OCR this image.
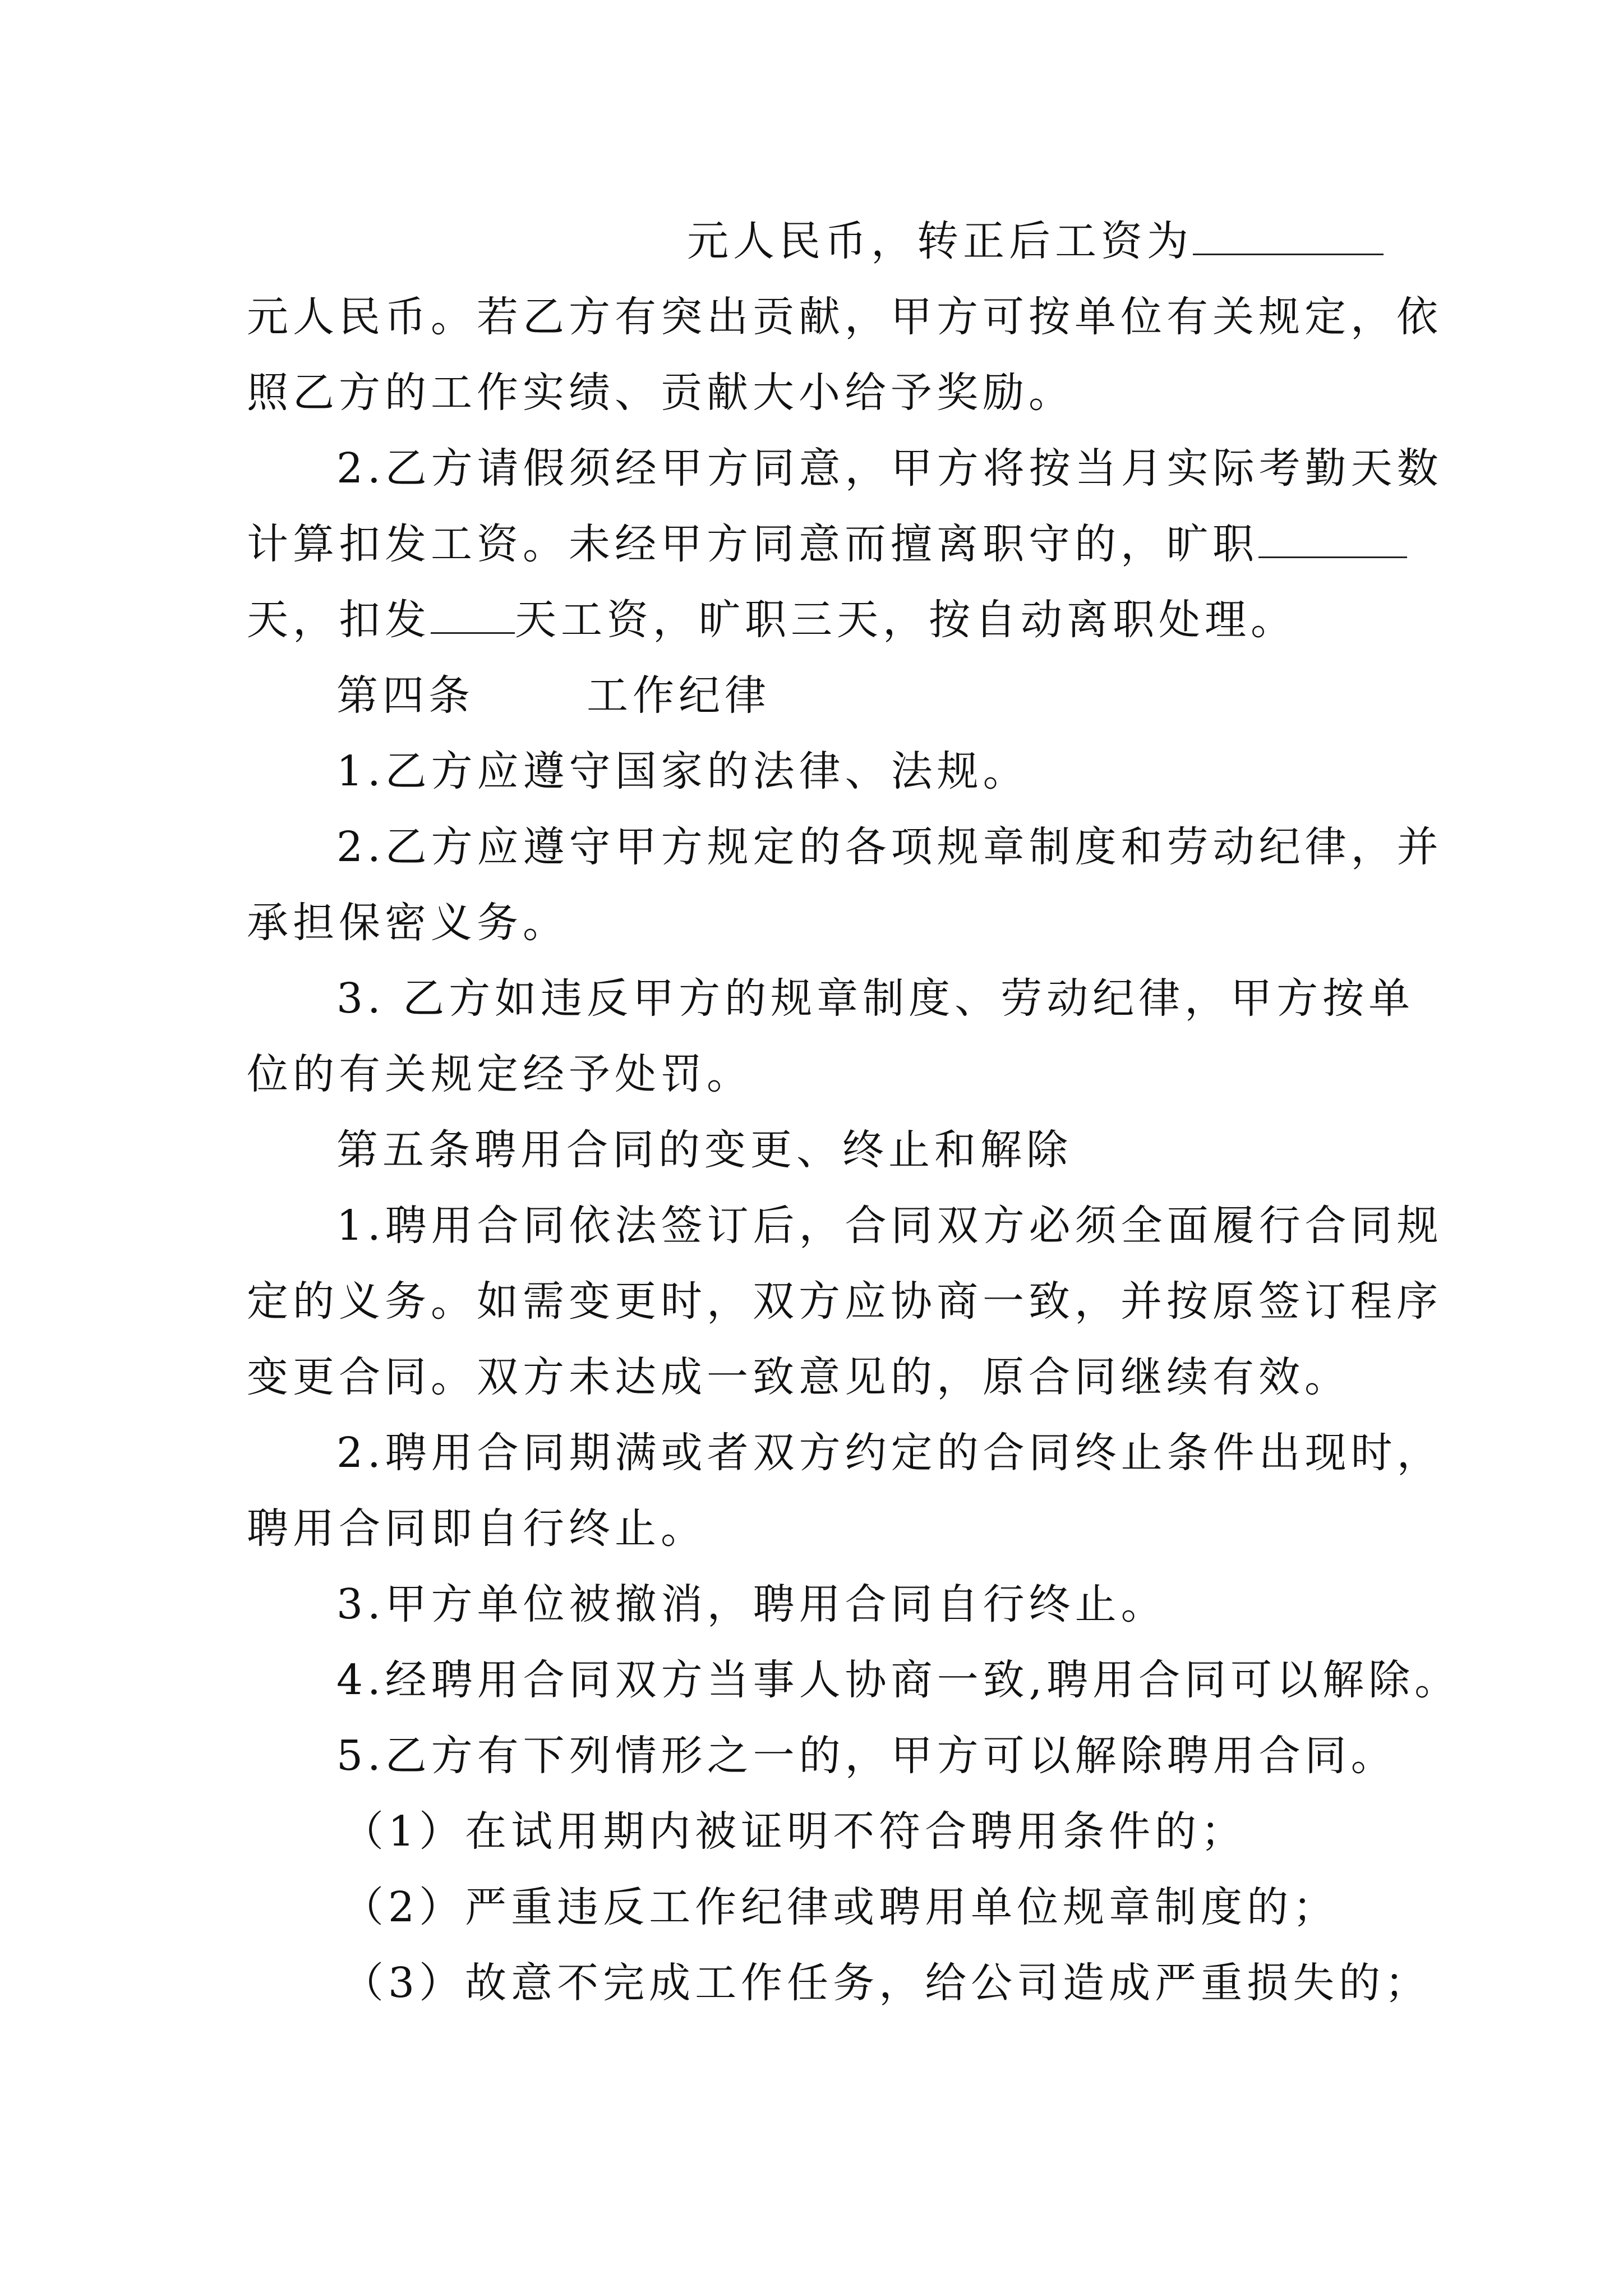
元人民币，转正后工资为
元人民币。若乙方有突出贡献，甲方可按单位有关规定，依
照乙方的工作实绩、贡献大小给予奖励。
2.乙方请假须经甲方同意，甲方将按当月实际考勤天数
计算扣发工资。未经甲方同意而擅离职守的，旷职
天，扣发 天工资，旷职三天，按自动离职处理。
第四条	工作纪律
1.乙方应遵守国家的法律、法规。
2.乙方应遵守甲方规定的各项规章制度和劳动纪律，并
承担保密义务。
3. 乙方如违反甲方的规章制度、劳动纪律，甲方按单
位的有关规定经予处罚。
第五条聘用合同的变更、终止和解除
1.聘用合同依法签订后，合同双方必须全面履行合同规
定的义务。如需变更时，双方应协商一致，并按原签订程序
变更合同。双方未达成一致意见的，原合同继续有效。
2.聘用合同期满或者双方约定的合同终止条件出现时，
聘用合同即自行终止。
3.甲方单位被撤消，聘用合同自行终止。
4.经聘用合同双方当事人协商一致,聘用合同可以解除。
5.乙方有下列情形之一的，甲方可以解除聘用合同。
（1）在试用期内被证明不符合聘用条件的；
（2）严重违反工作纪律或聘用单位规章制度的；
（3）故意不完成工作任务，给公司造成严重损失的；
